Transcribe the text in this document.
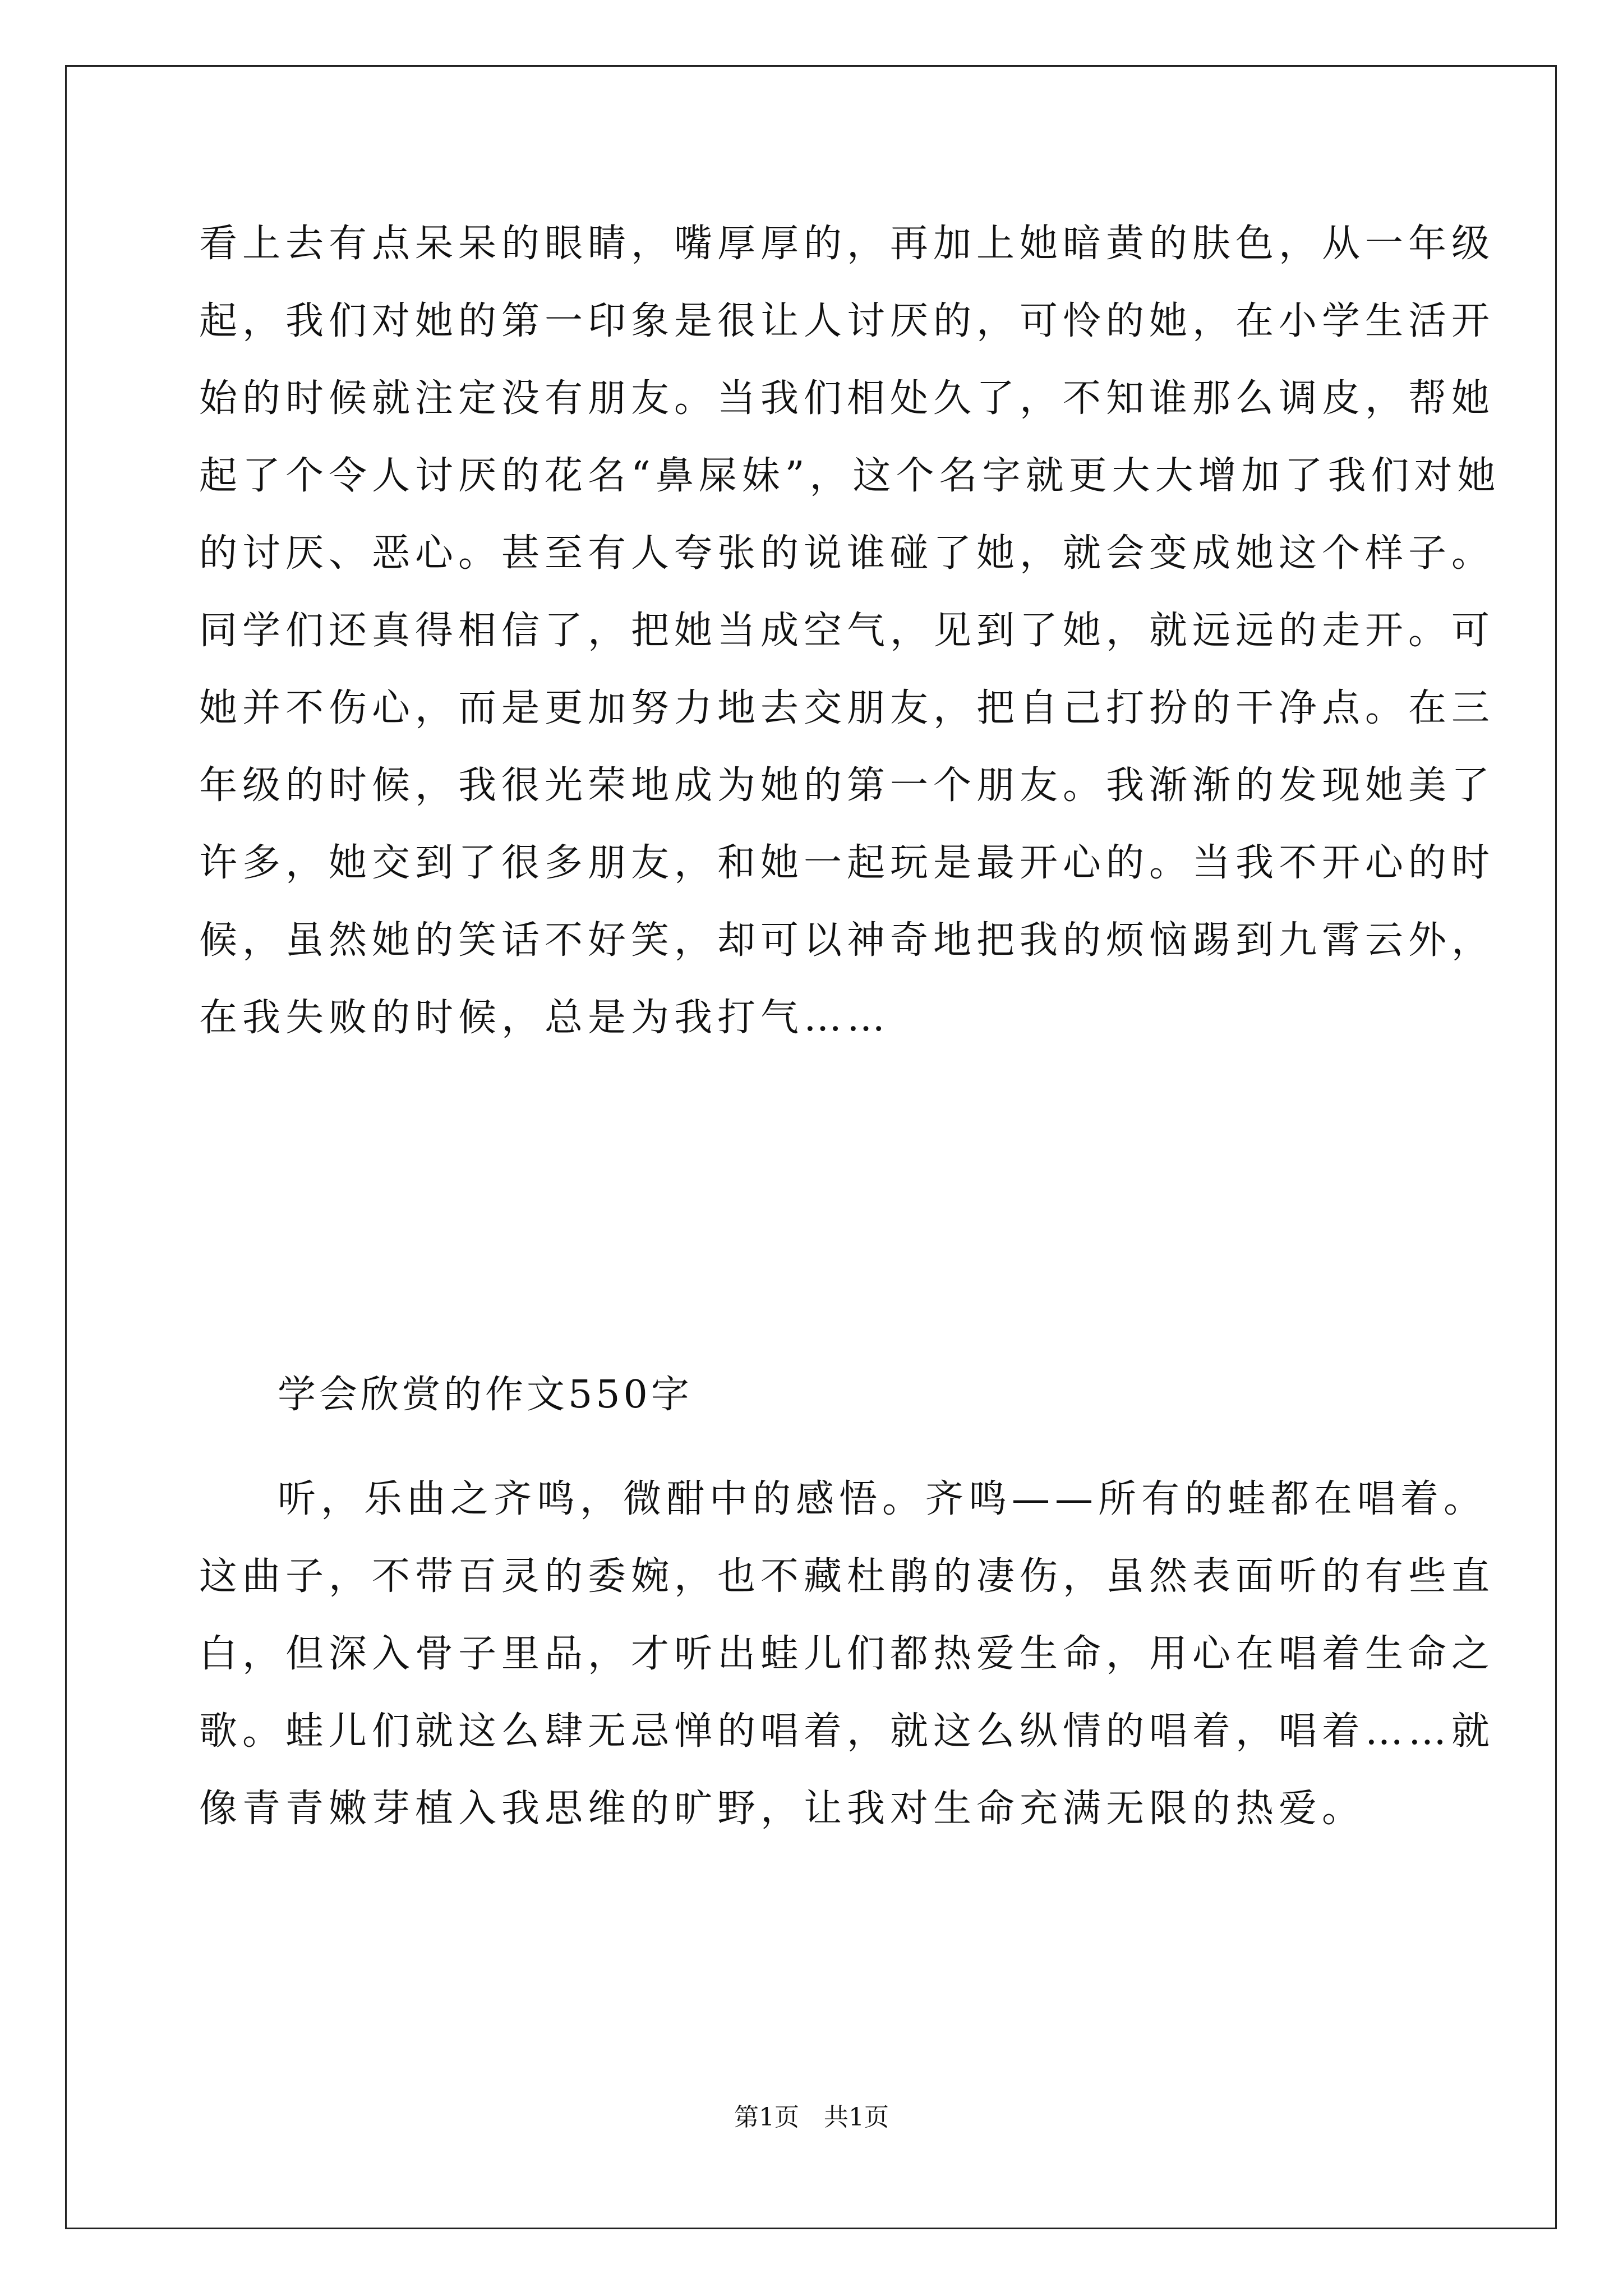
看上去有点呆呆的眼睛，嘴厚厚的，再加上她暗黄的肤色，从一年级
起，我们对她的第一印象是很让人讨厌的，可怜的她，在小学生活开
始的时候就注定没有朋友。当我们相处久了，不知谁那么调皮，帮她
起了个令人讨厌的花名“鼻屎妹”，这个名字就更大大增加了我们对她
的讨厌、恶心。甚至有人夸张的说谁碰了她，就会变成她这个样子。
同学们还真得相信了，把她当成空气，见到了她，就远远的走开。可
她并不伤心，而是更加努力地去交朋友，把自己打扮的干净点。在三
年级的时候，我很光荣地成为她的第一个朋友。我渐渐的发现她美了
许多，她交到了很多朋友，和她一起玩是最开心的。当我不开心的时
候，虽然她的笑话不好笑，却可以神奇地把我的烦恼踢到九霄云外，
在我失败的时候，总是为我打气……
学会欣赏的作文550字
听，乐曲之齐鸣，微酣中的感悟。齐鸣——所有的蛙都在唱着。
这曲子，不带百灵的委婉，也不藏杜鹃的凄伤，虽然表面听的有些直
白，但深入骨子里品，才听出蛙儿们都热爱生命，用心在唱着生命之
歌。蛙儿们就这么肆无忌惮的唱着，就这么纵情的唱着，唱着……就
像青青嫩芽植入我思维的旷野，让我对生命充满无限的热爱。
第1页　共1页
